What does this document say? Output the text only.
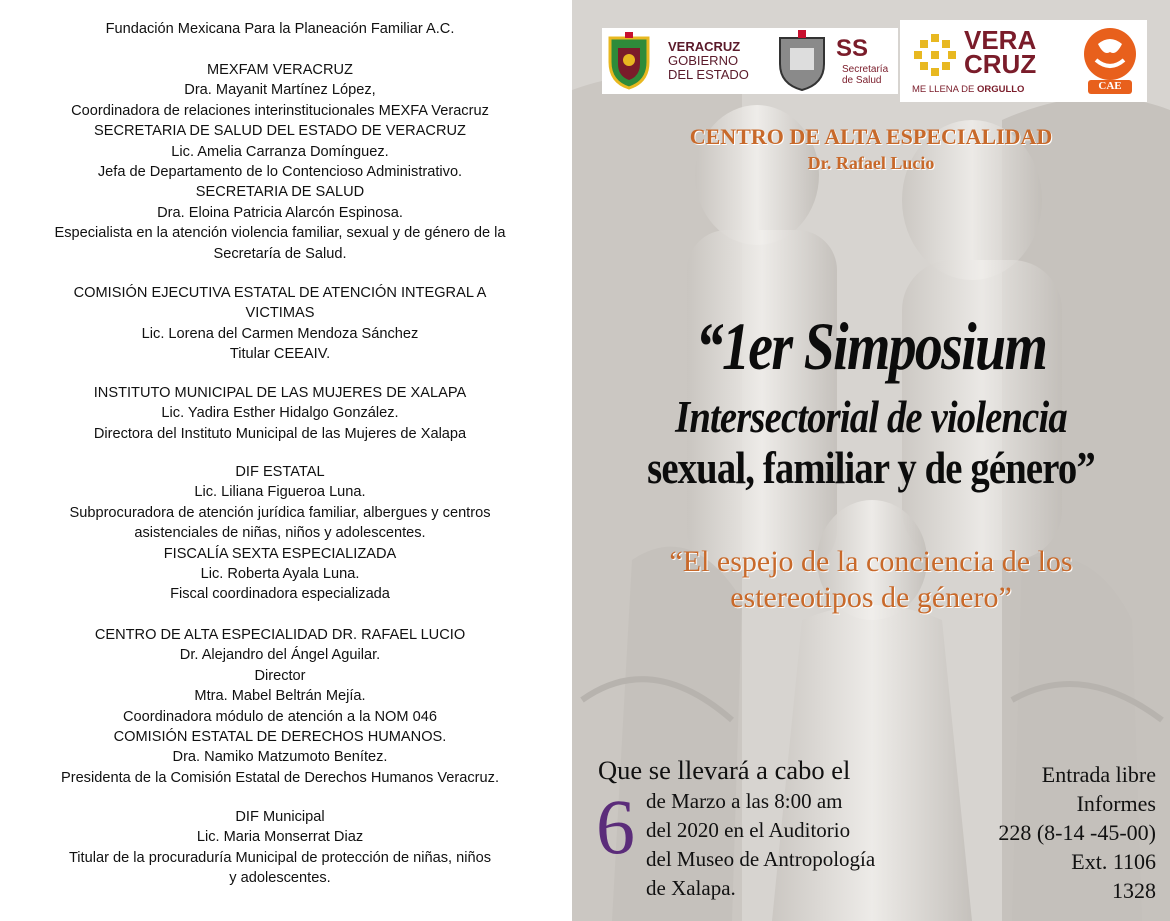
Fundación Mexicana Para la Planeación Familiar A.C.
MEXFAM VERACRUZ
Dra. Mayanit Martínez López,
Coordinadora de relaciones interinstitucionales MEXFA Veracruz
SECRETARIA DE SALUD DEL ESTADO DE VERACRUZ
Lic. Amelia Carranza Domínguez.
Jefa de Departamento de lo Contencioso Administrativo.
SECRETARIA DE SALUD
Dra. Eloina Patricia Alarcón Espinosa.
Especialista en la atención violencia familiar, sexual y de género de la
Secretaría de Salud.
COMISIÓN EJECUTIVA ESTATAL DE ATENCIÓN INTEGRAL A
VICTIMAS
Lic. Lorena del Carmen Mendoza Sánchez
Titular CEEAIV.
INSTITUTO MUNICIPAL DE LAS MUJERES DE XALAPA
Lic. Yadira Esther Hidalgo González.
Directora del Instituto Municipal de las Mujeres de Xalapa
DIF ESTATAL
Lic. Liliana Figueroa Luna.
Subprocuradora de atención jurídica familiar, albergues y centros
asistenciales de niñas, niños y adolescentes.
FISCALÍA SEXTA ESPECIALIZADA
Lic. Roberta Ayala Luna.
Fiscal coordinadora especializada
CENTRO DE ALTA ESPECIALIDAD DR. RAFAEL LUCIO
Dr. Alejandro del Ángel Aguilar.
Director
Mtra. Mabel Beltrán Mejía.
Coordinadora módulo de atención a la NOM 046
COMISIÓN ESTATAL DE DERECHOS HUMANOS.
Dra. Namiko Matzumoto Benítez.
Presidenta de la Comisión Estatal de Derechos Humanos Veracruz.
DIF Municipal
Lic. Maria Monserrat Diaz
Titular de la procuraduría Municipal de protección de niñas, niños
y adolescentes.
VERACRUZ
GOBIERNO
DEL ESTADO
SS
Secretaría
de Salud
VERA
CRUZ
ME LLENA DE ORGULLO	CAE
CENTRO DE ALTA ESPECIALIDAD
Dr. Rafael Lucio
“1er Simposium
Intersectorial de violencia
sexual, familiar y de género”
“El espejo de la conciencia de los
estereotipos de género”
Que se llevará a cabo el
6 de Marzo a las 8:00 am
del 2020 en el Auditorio
del Museo de Antropología
de Xalapa.
Entrada libre
Informes
228 (8-14 -45-00)
Ext. 1106
1328
